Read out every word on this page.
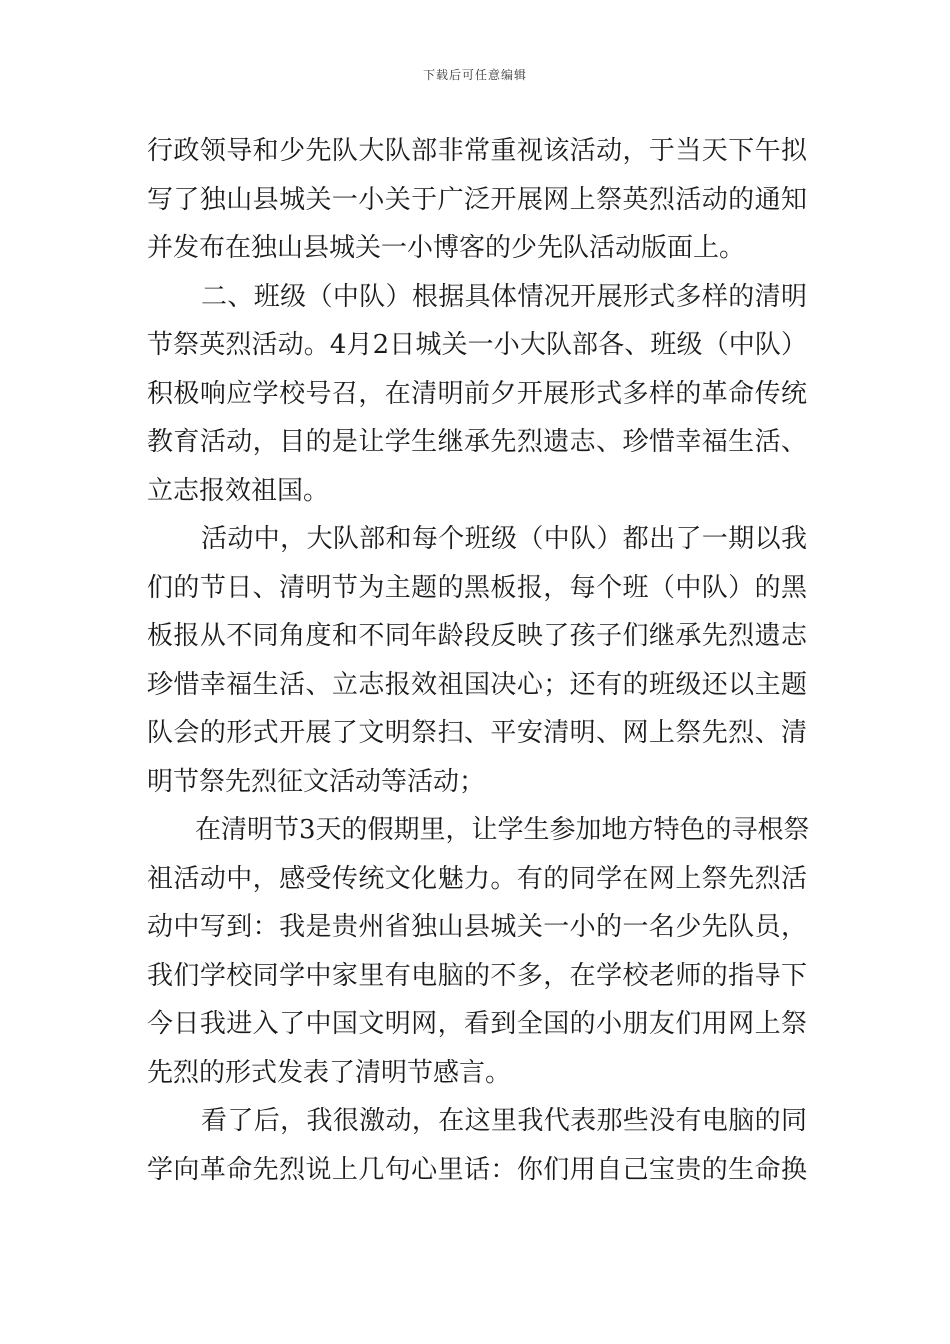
下载后可任意编辑
行政领导和少先队大队部非常重视该活动，于当天下午拟
写了独山县城关一小关于广泛开展网上祭英烈活动的通知
并发布在独山县城关一小博客的少先队活动版面上。
二、班级（中队）根据具体情况开展形式多样的清明
节祭英烈活动。4月2日城关一小大队部各、班级（中队）
积极响应学校号召，在清明前夕开展形式多样的革命传统
教育活动，目的是让学生继承先烈遗志、珍惜幸福生活、
立志报效祖国。
活动中，大队部和每个班级（中队）都出了一期以我
们的节日、清明节为主题的黑板报，每个班（中队）的黑
板报从不同角度和不同年龄段反映了孩子们继承先烈遗志
珍惜幸福生活、立志报效祖国决心；还有的班级还以主题
队会的形式开展了文明祭扫、平安清明、网上祭先烈、清
明节祭先烈征文活动等活动；
在清明节3天的假期里，让学生参加地方特色的寻根祭
祖活动中，感受传统文化魅力。有的同学在网上祭先烈活
动中写到：我是贵州省独山县城关一小的一名少先队员，
我们学校同学中家里有电脑的不多，在学校老师的指导下
今日我进入了中国文明网，看到全国的小朋友们用网上祭
先烈的形式发表了清明节感言。
看了后，我很激动，在这里我代表那些没有电脑的同
学向革命先烈说上几句心里话：你们用自己宝贵的生命换
